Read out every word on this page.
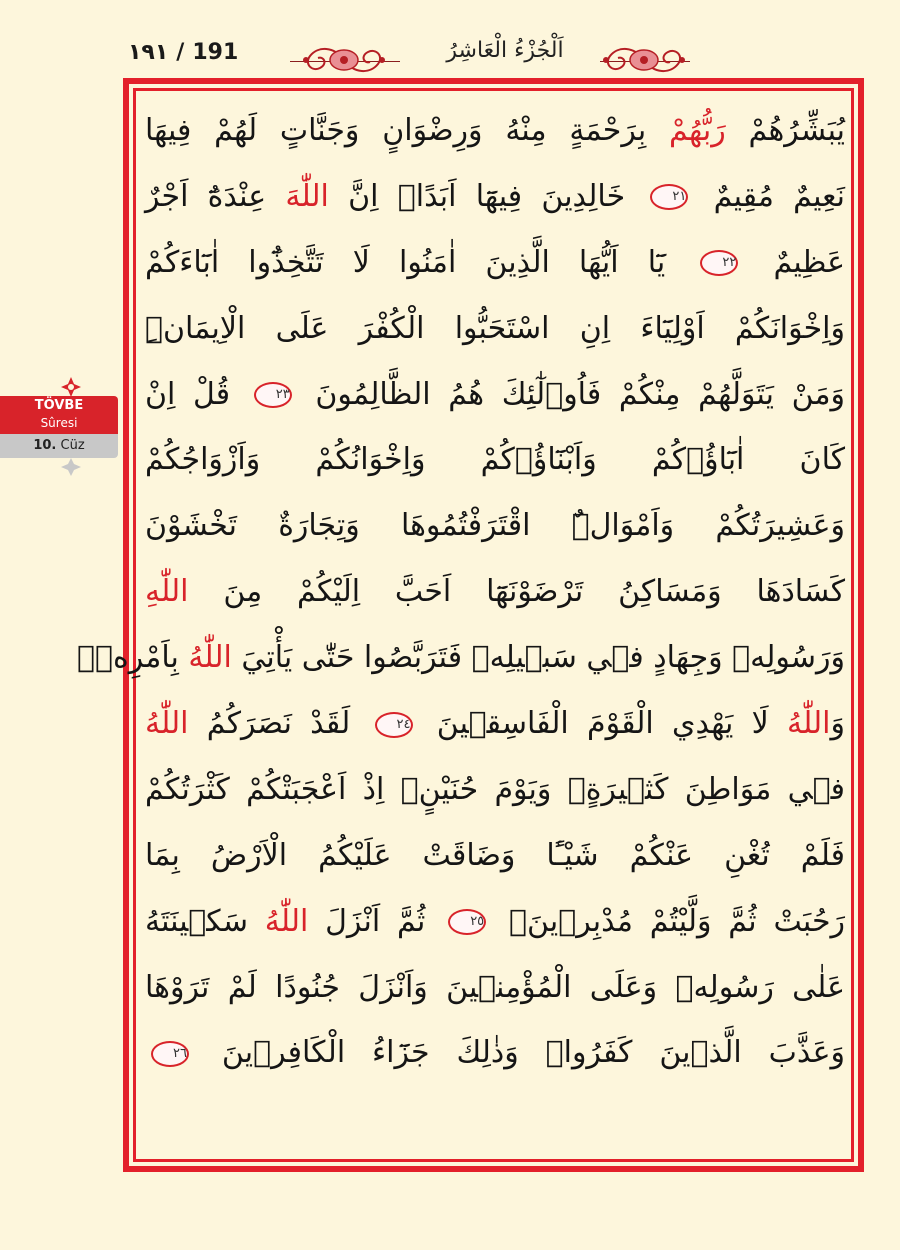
١٩١ / 191	اَلْجُزْءُ الْعَاشِرُ
TÖVBE
Sûresi
10. Cüz
يُبَشِّرُهُمْ رَبُّهُمْ بِرَحْمَةٍ مِنْهُ وَرِضْوَانٍ وَجَنَّاتٍ لَهُمْ فِيهَا
نَعِيمٌ مُقِيمٌ ٢١ خَالِدِينَ فِيهَٓا اَبَدًاۜ اِنَّ اللّٰهَ عِنْدَهُٓ اَجْرٌ
عَظِيمٌ ٢٢ يَٓا اَيُّهَا الَّذِينَ اٰمَنُوا لَا تَتَّخِذُٓوا اٰبَٓاءَكُمْ
وَاِخْوَانَكُمْ اَوْلِيَٓاءَ اِنِ اسْتَحَبُّوا الْكُفْرَ عَلَى الْاِيمَانِۜ
وَمَنْ يَتَوَلَّهُمْ مِنْكُمْ فَاُو۬لٰٓئِكَ هُمُ الظَّالِمُونَ ٢٣ قُلْ اِنْ
كَانَ اٰبَٓاؤُ۬كُمْ وَاَبْنَٓاؤُ۬كُمْ وَاِخْوَانُكُمْ وَاَزْوَاجُكُمْ
وَعَشِيرَتُكُمْ وَاَمْوَالٌۨ اقْتَرَفْتُمُوهَا وَتِجَارَةٌ تَخْشَوْنَ
كَسَادَهَا وَمَسَاكِنُ تَرْضَوْنَهَٓا اَحَبَّ اِلَيْكُمْ مِنَ اللّٰهِ
وَرَسُولِه۪ وَجِهَادٍ ف۪ي سَب۪يلِه۪ فَتَرَبَّصُوا حَتّٰى يَأْتِيَ اللّٰهُ بِاَمْرِه۪ۜ
وَاللّٰهُ لَا يَهْدِي الْقَوْمَ الْفَاسِق۪ينَ ٢٤ لَقَدْ نَصَرَكُمُ اللّٰهُ
ف۪ي مَوَاطِنَ كَث۪يرَةٍۙ وَيَوْمَ حُنَيْنٍۙ اِذْ اَعْجَبَتْكُمْ كَثْرَتُكُمْ
فَلَمْ تُغْنِ عَنْكُمْ شَيْـًٔا وَضَاقَتْ عَلَيْكُمُ الْاَرْضُ بِمَا
رَحُبَتْ ثُمَّ وَلَّيْتُمْ مُدْبِر۪ينَۚ ٢٥ ثُمَّ اَنْزَلَ اللّٰهُ سَك۪ينَتَهُ
عَلٰى رَسُولِه۪ وَعَلَى الْمُؤْمِن۪ينَ وَاَنْزَلَ جُنُودًا لَمْ تَرَوْهَا
وَعَذَّبَ الَّذ۪ينَ كَفَرُواۜ وَذٰلِكَ جَزَٓاءُ الْكَافِر۪ينَ ٢٦
